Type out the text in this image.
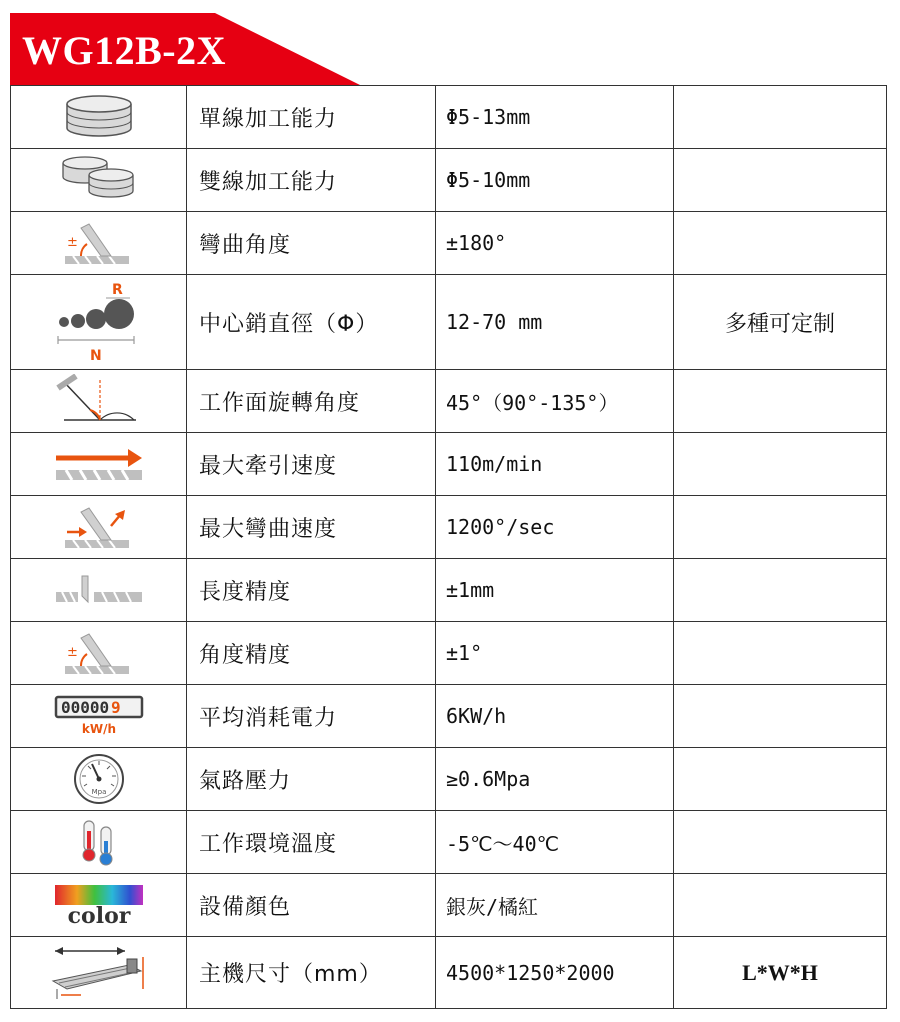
WG12B-2X
	單線加工能力	Φ5-13mm	

	雙線加工能力	Φ5-10mm	

±	彎曲角度	±180°	

R
N	中心銷直徑（Φ）	12-70 mm	多種可定制

	工作面旋轉角度	45°（90°-135°）	

	最大牽引速度	110m/min	

	最大彎曲速度	1200°/sec	

	長度精度	±1mm	

±	角度精度	±1°	

00000 9
kW/h	平均消耗電力	6KW/h	

Mpa	氣路壓力	≥0.6Mpa	

	工作環境溫度	-5℃～40℃	

color	設備顏色	銀灰/橘紅	

	主機尺寸（mm）	4500*1250*2000	L*W*H
